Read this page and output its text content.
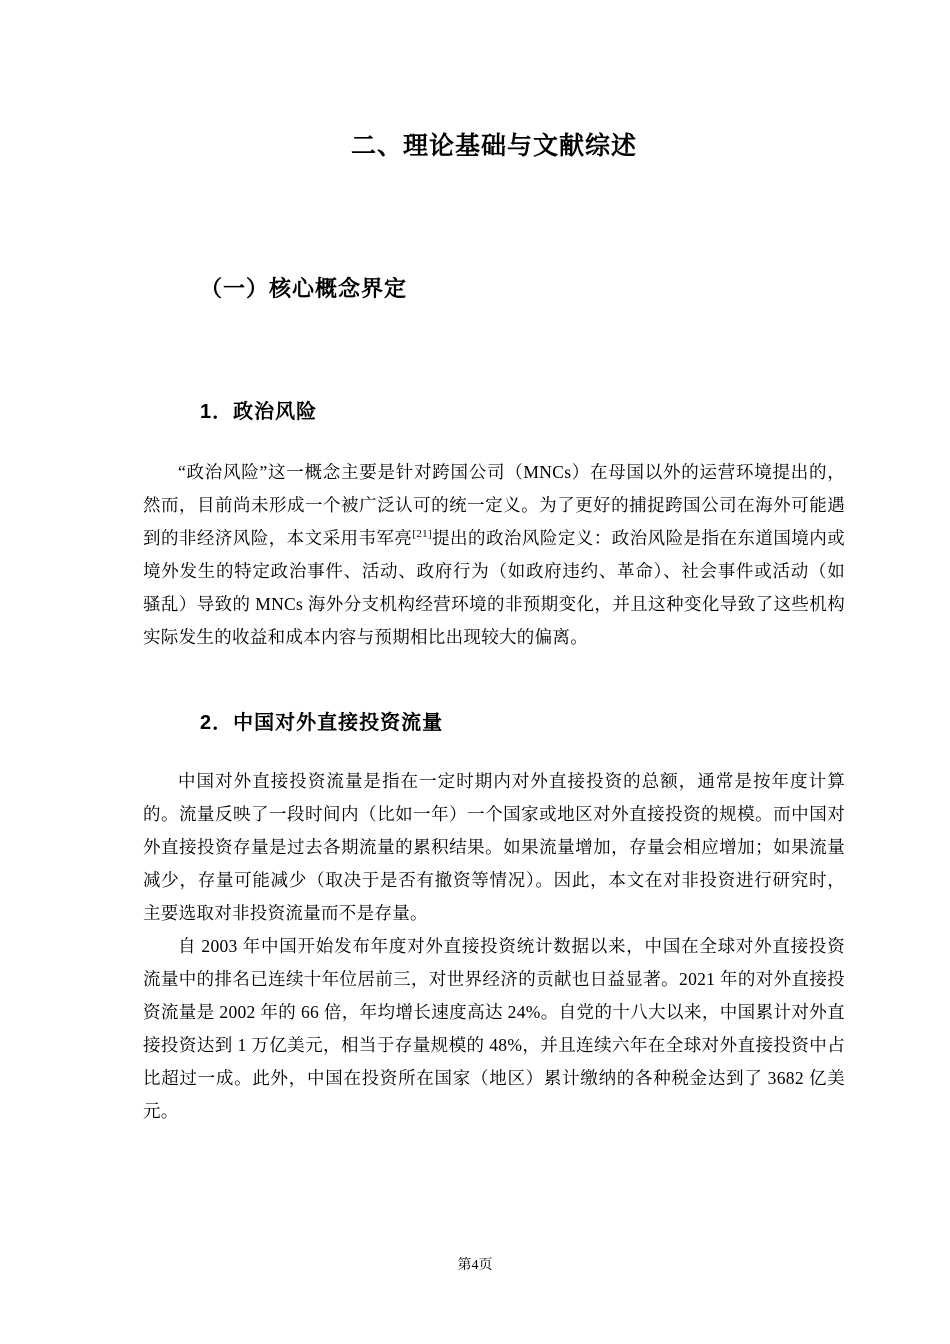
二、理论基础与文献综述
（一）核心概念界定
1．政治风险

“政治风险”这一概念主要是针对跨国公司（MNCs）在母国以外的运营环境提出的，然而，目前尚未形成一个被广泛认可的统一定义。为了更好的捕捉跨国公司在海外可能遇到的非经济风险，本文采用韦军亮[21]提出的政治风险定义：政治风险是指在东道国境内或境外发生的特定政治事件、活动、政府行为（如政府违约、革命）、社会事件或活动（如骚乱）导致的 MNCs 海外分支机构经营环境的非预期变化，并且这种变化导致了这些机构实际发生的收益和成本内容与预期相比出现较大的偏离。

2．中国对外直接投资流量

中国对外直接投资流量是指在一定时期内对外直接投资的总额，通常是按年度计算的。流量反映了一段时间内（比如一年）一个国家或地区对外直接投资的规模。而中国对外直接投资存量是过去各期流量的累积结果。如果流量增加，存量会相应增加；如果流量减少，存量可能减少（取决于是否有撤资等情况）。因此，本文在对非投资进行研究时，主要选取对非投资流量而不是存量。

自 2003 年中国开始发布年度对外直接投资统计数据以来，中国在全球对外直接投资流量中的排名已连续十年位居前三，对世界经济的贡献也日益显著。2021 年的对外直接投资流量是 2002 年的 66 倍，年均增长速度高达 24%。自党的十八大以来，中国累计对外直接投资达到 1 万亿美元，相当于存量规模的 48%，并且连续六年在全球对外直接投资中占比超过一成。此外，中国在投资所在国家（地区）累计缴纳的各种税金达到了 3682 亿美元。

第4页
